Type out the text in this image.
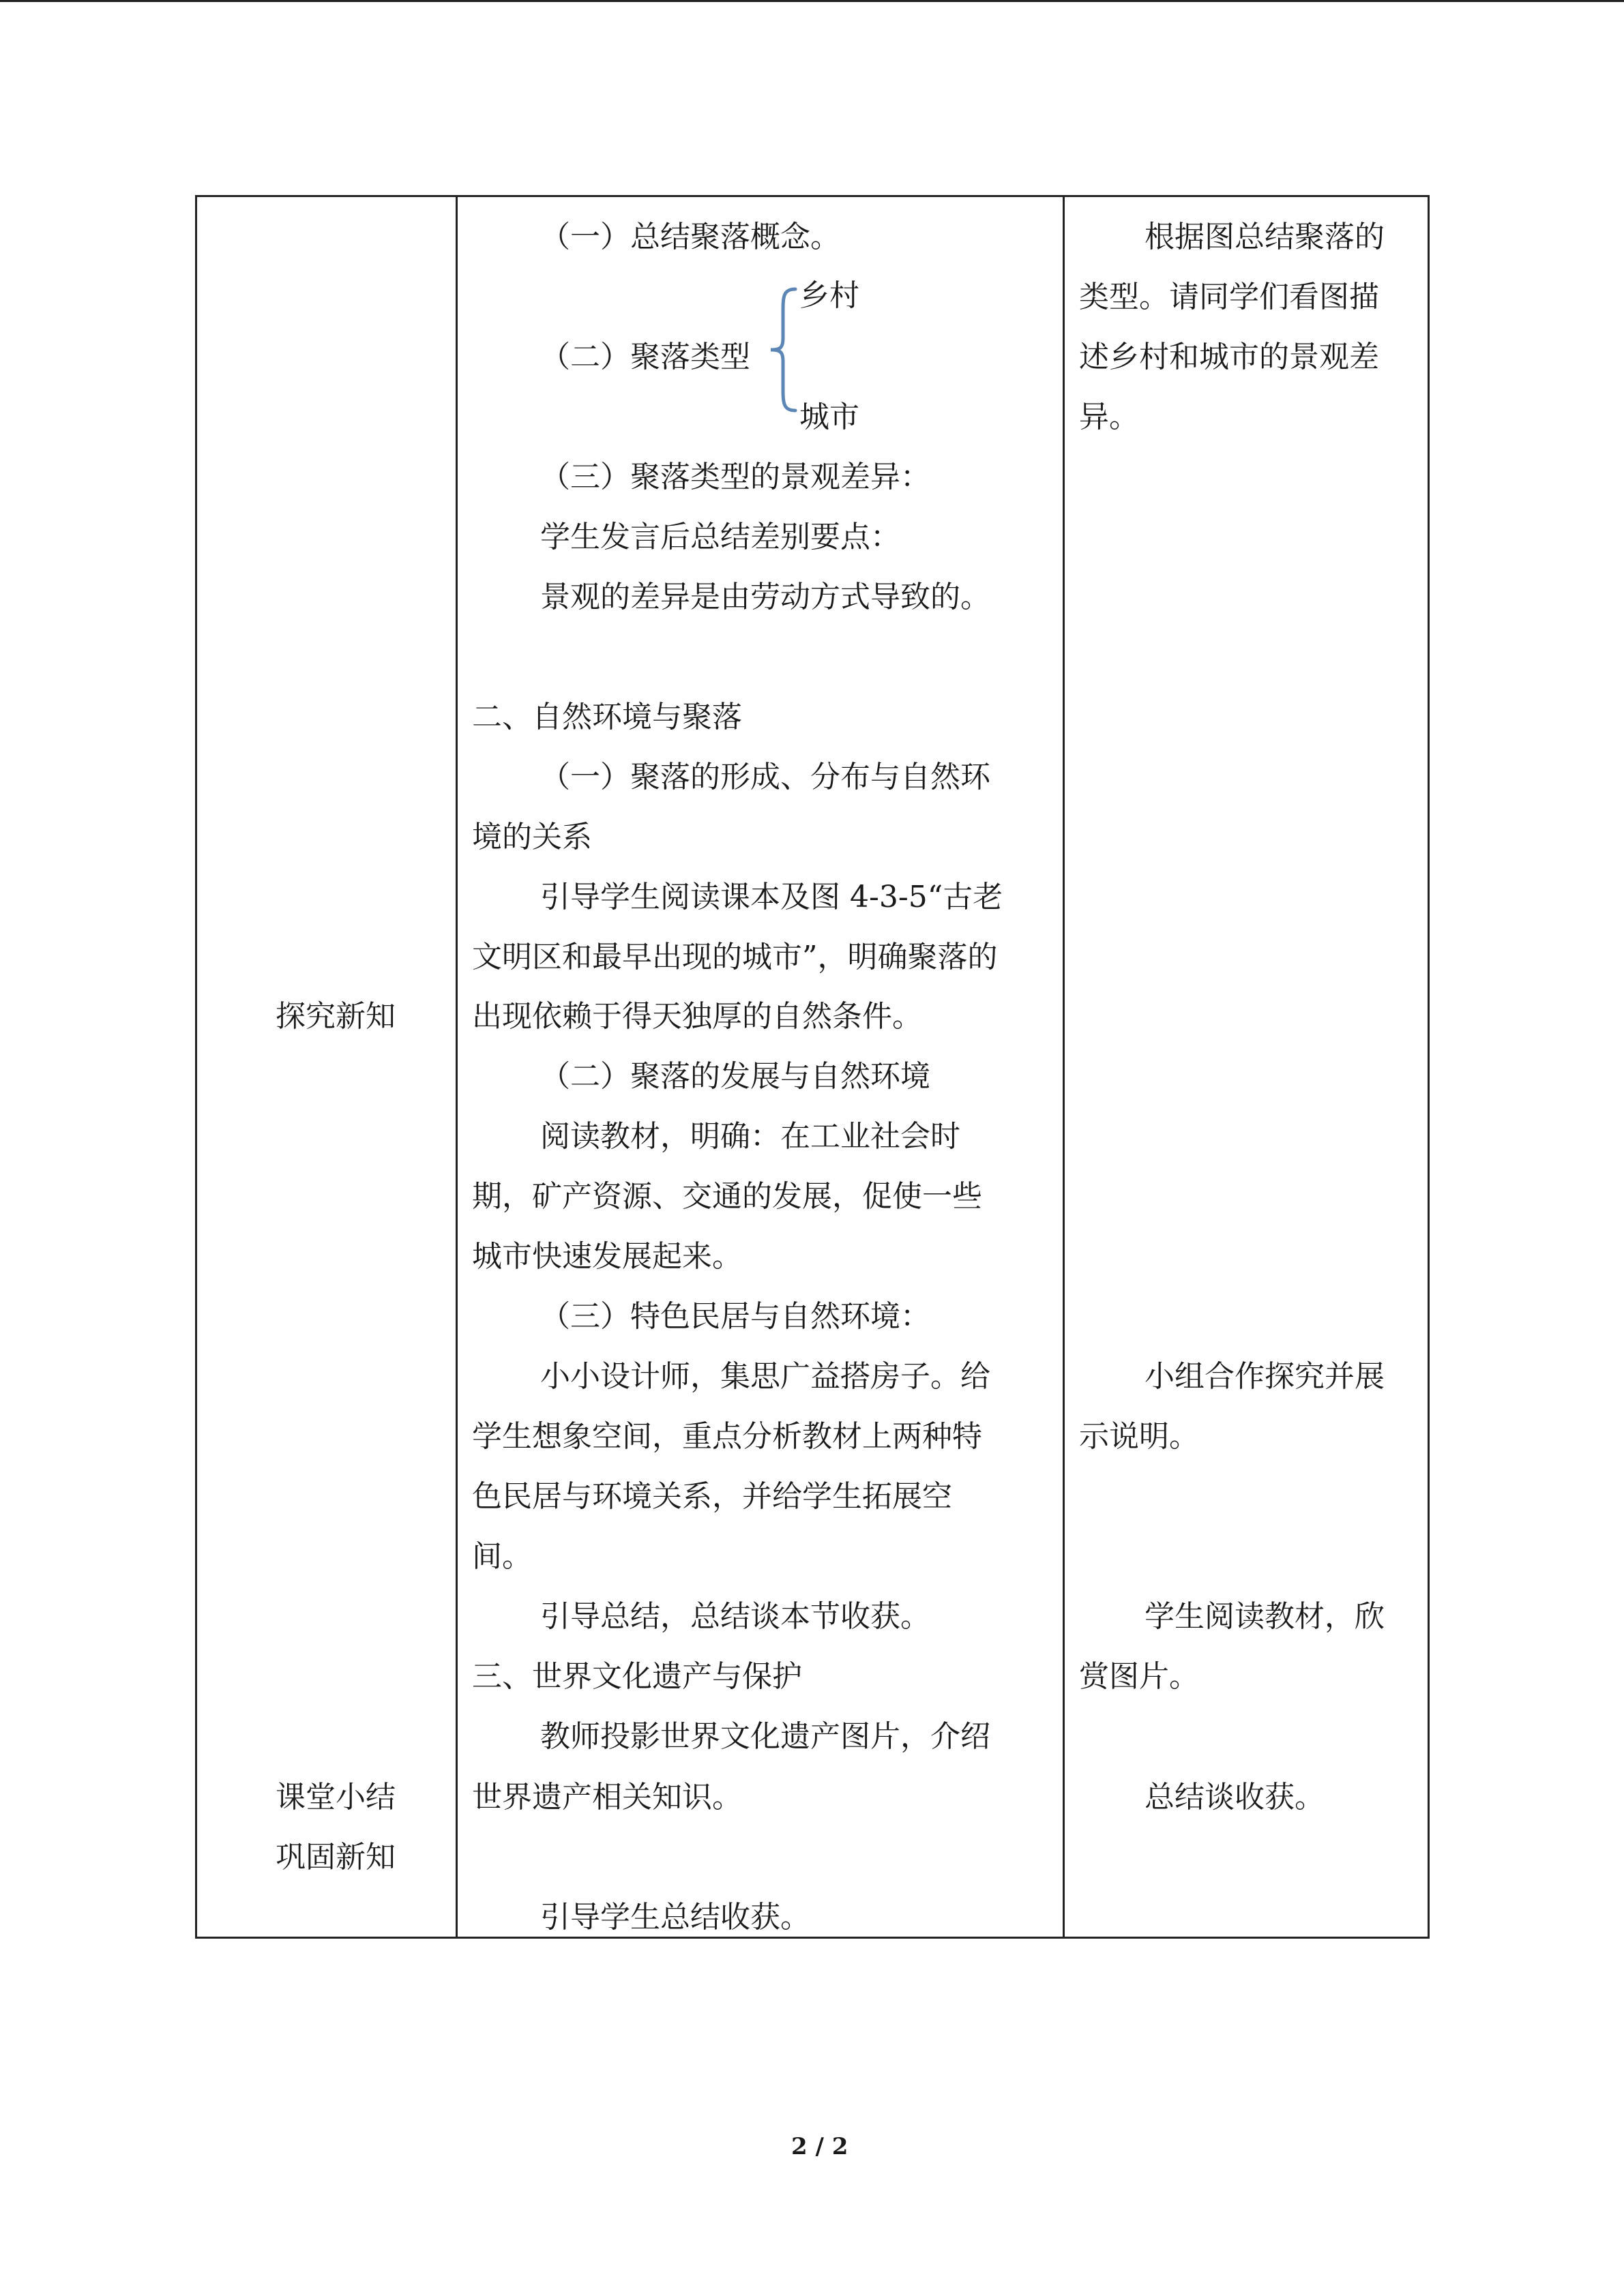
探究新知
课堂小结
巩固新知
（一）总结聚落概念。
（二）聚落类型
乡村
城市
（三）聚落类型的景观差异：
学生发言后总结差别要点：
景观的差异是由劳动方式导致的。
二、自然环境与聚落
（一）聚落的形成、分布与自然环
境的关系
引导学生阅读课本及图 4-3-5“古老
文明区和最早出现的城市”，明确聚落的
出现依赖于得天独厚的自然条件。
（二）聚落的发展与自然环境
阅读教材，明确：在工业社会时
期，矿产资源、交通的发展，促使一些
城市快速发展起来。
（三）特色民居与自然环境：
小小设计师，集思广益搭房子。给
学生想象空间，重点分析教材上两种特
色民居与环境关系，并给学生拓展空
间。
引导总结，总结谈本节收获。
三、世界文化遗产与保护
教师投影世界文化遗产图片，介绍
世界遗产相关知识。
引导学生总结收获。
根据图总结聚落的
类型。请同学们看图描
述乡村和城市的景观差
异。
小组合作探究并展
示说明。
学生阅读教材，欣
赏图片。
总结谈收获。
2 / 2
